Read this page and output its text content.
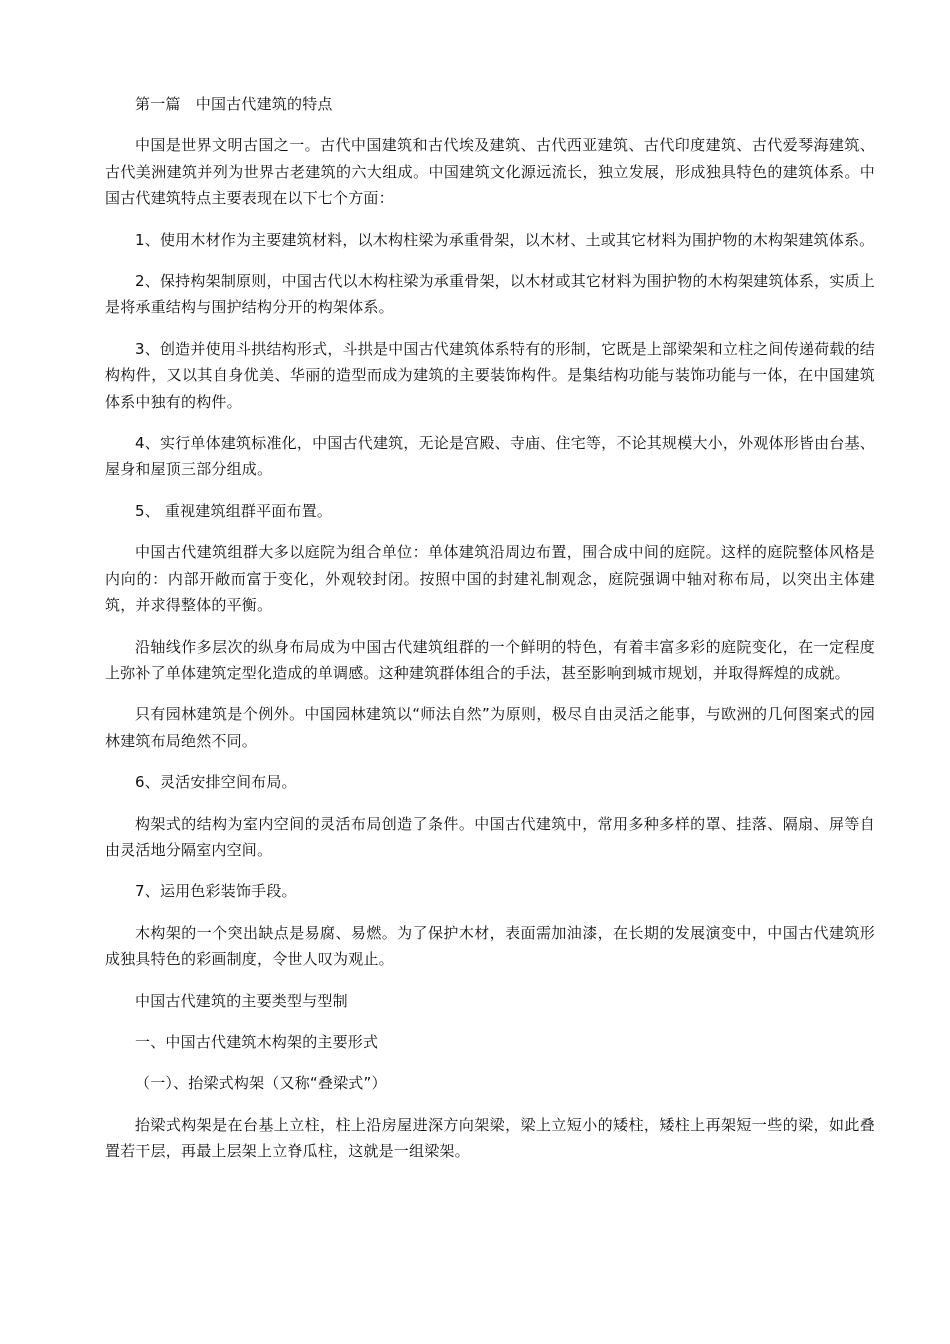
第一篇　中国古代建筑的特点

中国是世界文明古国之一。古代中国建筑和古代埃及建筑、古代西亚建筑、古代印度建筑、古代爱琴海建筑、古代美洲建筑并列为世界古老建筑的六大组成。中国建筑文化源远流长，独立发展，形成独具特色的建筑体系。中国古代建筑特点主要表现在以下七个方面：

1、使用木材作为主要建筑材料，以木构柱梁为承重骨架，以木材、土或其它材料为围护物的木构架建筑体系。

2、保持构架制原则，中国古代以木构柱梁为承重骨架，以木材或其它材料为围护物的木构架建筑体系，实质上是将承重结构与围护结构分开的构架体系。

3、创造并使用斗拱结构形式，斗拱是中国古代建筑体系特有的形制，它既是上部梁架和立柱之间传递荷载的结构构件，又以其自身优美、华丽的造型而成为建筑的主要装饰构件。是集结构功能与装饰功能与一体，在中国建筑体系中独有的构件。

4、实行单体建筑标准化，中国古代建筑，无论是宫殿、寺庙、住宅等，不论其规模大小，外观体形皆由台基、屋身和屋顶三部分组成。

5、 重视建筑组群平面布置。

中国古代建筑组群大多以庭院为组合单位：单体建筑沿周边布置，围合成中间的庭院。这样的庭院整体风格是内向的：内部开敞而富于变化，外观较封闭。按照中国的封建礼制观念，庭院强调中轴对称布局，以突出主体建筑，并求得整体的平衡。

沿轴线作多层次的纵身布局成为中国古代建筑组群的一个鲜明的特色，有着丰富多彩的庭院变化，在一定程度上弥补了单体建筑定型化造成的单调感。这种建筑群体组合的手法，甚至影响到城市规划，并取得辉煌的成就。

只有园林建筑是个例外。中国园林建筑以“师法自然”为原则，极尽自由灵活之能事，与欧洲的几何图案式的园林建筑布局绝然不同。

6、灵活安排空间布局。

构架式的结构为室内空间的灵活布局创造了条件。中国古代建筑中，常用多种多样的罩、挂落、隔扇、屏等自由灵活地分隔室内空间。

7、运用色彩装饰手段。

木构架的一个突出缺点是易腐、易燃。为了保护木材，表面需加油漆，在长期的发展演变中，中国古代建筑形成独具特色的彩画制度，令世人叹为观止。

中国古代建筑的主要类型与型制

一、中国古代建筑木构架的主要形式

（一）、抬梁式构架（又称“叠梁式”）

抬梁式构架是在台基上立柱，柱上沿房屋进深方向架梁，梁上立短小的矮柱，矮柱上再架短一些的梁，如此叠置若干层，再最上层架上立脊瓜柱，这就是一组梁架。
